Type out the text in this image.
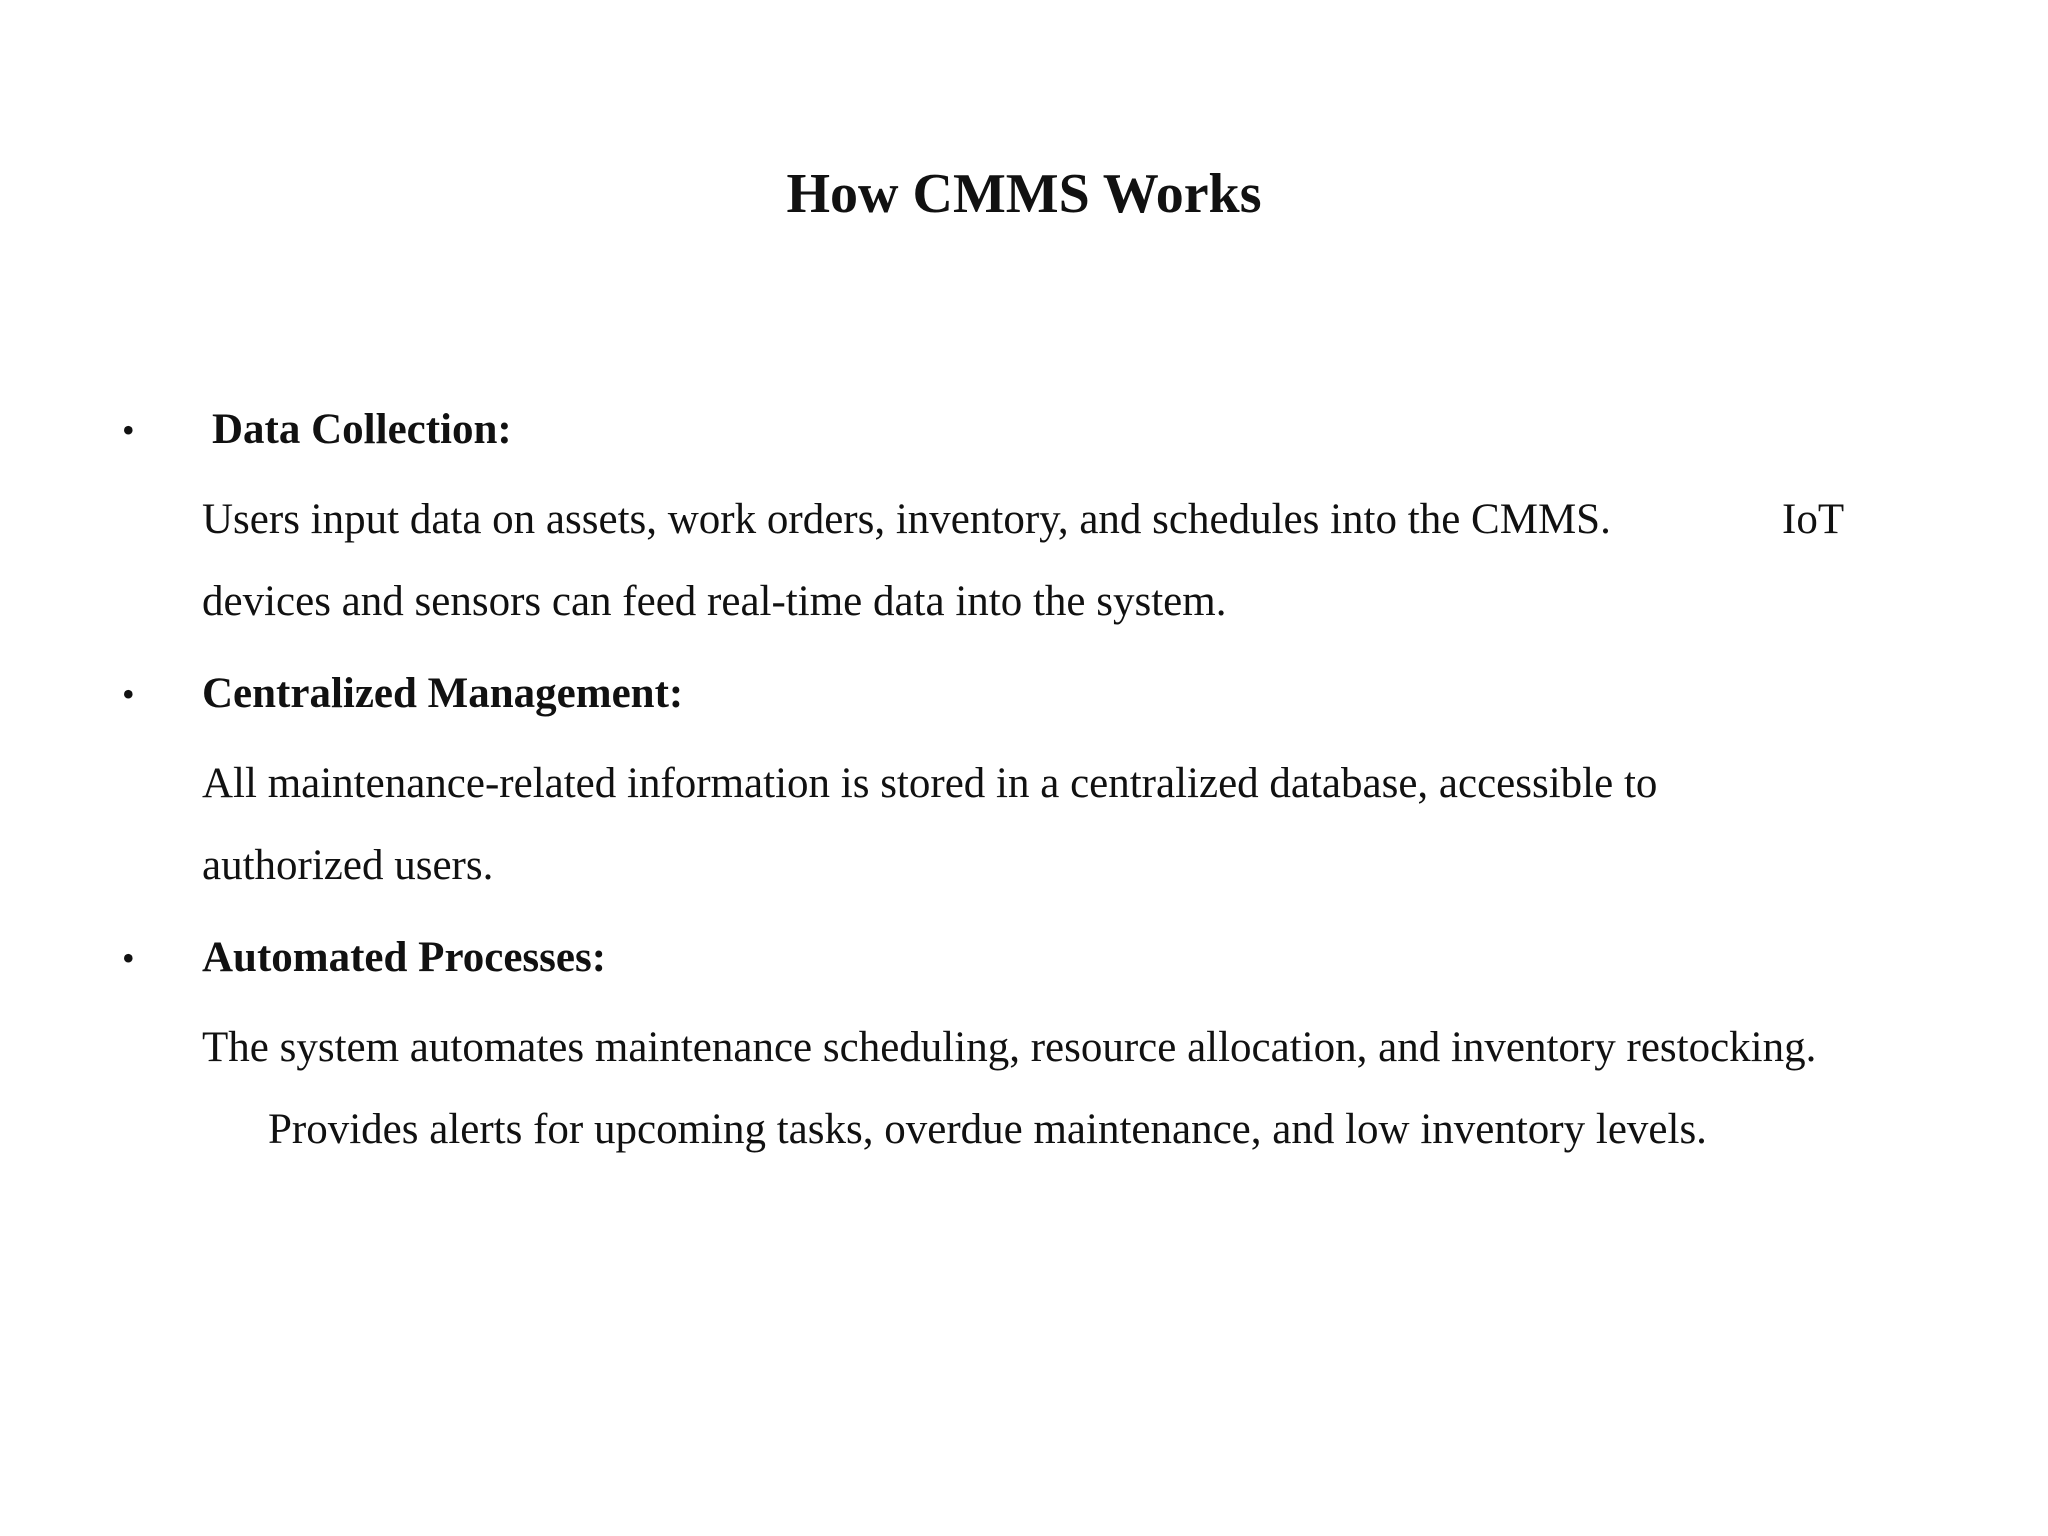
How CMMS Works
• Data Collection:
Users input data on assets, work orders, inventory, and schedules into the CMMS.	IoT
devices and sensors can feed real-time data into the system.
• Centralized Management:
All maintenance-related information is stored in a centralized database, accessible to
authorized users.
• Automated Processes:
The system automates maintenance scheduling, resource allocation, and inventory restocking.
Provides alerts for upcoming tasks, overdue maintenance, and low inventory levels.
